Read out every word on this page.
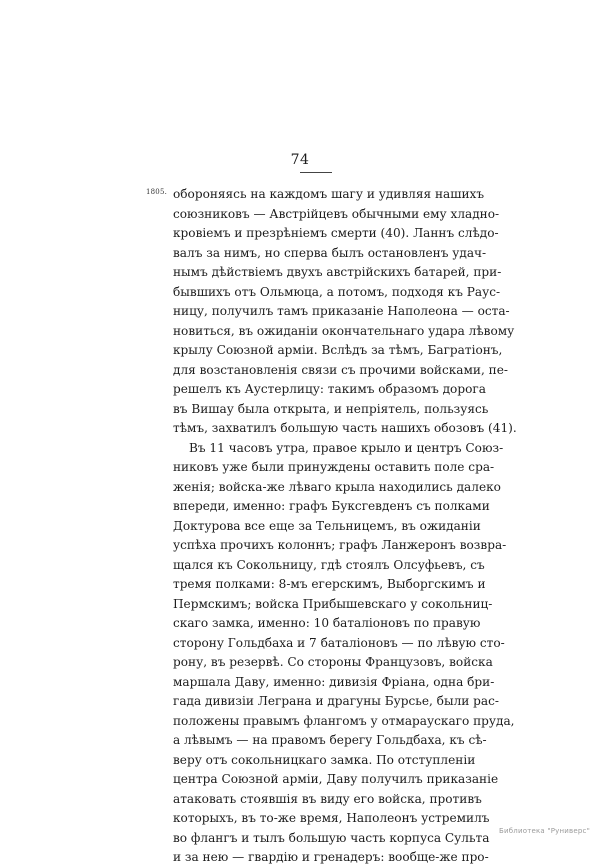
74
1805. обороняясь на каждомъ шагу и удивляя нашихъ
союзниковъ — Австрійцевъ обычными ему хладно-
кровіемъ и презрѣніемъ смерти (40). Ланнъ слѣдо-
валъ за нимъ, но сперва былъ остановленъ удач-
нымъ дѣйствіемъ двухъ австрійскихъ батарей, при-
бывшихъ отъ Ольмюца, а потомъ, подходя къ Раус-
ницу, получилъ тамъ приказаніе Наполеона — оста-
новиться, въ ожиданіи окончательнаго удара лѣвому
крылу Союзной арміи. Вслѣдъ за тѣмъ, Багратіонъ,
для возстановленія связи съ прочими войсками, пе-
решелъ къ Аустерлицу: такимъ образомъ дорога
въ Вишау была открыта, и непріятель, пользуясь
тѣмъ, захватилъ большую часть нашихъ обозовъ (41).
Въ 11 часовъ утра, правое крыло и центръ Союз-
никовъ уже были принуждены оставить поле сра-
женія; войска-же лѣваго крыла находились далеко
впереди, именно: графъ Буксгевденъ съ полками
Доктурова все еще за Тельницемъ, въ ожиданіи
успѣха прочихъ колоннъ; графъ Ланжеронъ возвра-
щался къ Сокольницу, гдѣ стоялъ Олсуфьевъ, съ
тремя полками: 8-мъ егерскимъ, Выборгскимъ и
Пермскимъ; войска Прибышевскаго у сокольниц-
скаго замка, именно: 10 баталіоновъ по правую
сторону Гольдбаха и 7 баталіоновъ — по лѣвую сто-
рону, въ резервѣ. Со стороны Французовъ, войска
маршала Даву, именно: дивизія Фріана, одна бри-
гада дивизіи Леграна и драгуны Бурсье, были рас-
положены правымъ флангомъ у отмараускаго пруда,
а лѣвымъ — на правомъ берегу Гольдбаха, къ сѣ-
веру отъ сокольницкаго замка. По отступленіи
центра Союзной арміи, Даву получилъ приказаніе
атаковать стоявшія въ виду его войска, противъ
которыхъ, въ то-же время, Наполеонъ устремилъ
во флангъ и тылъ большую часть корпуса Сульта
и за нею — гвардію и гренадеръ: вообще-же про-
Библиотека "Руниверс"
